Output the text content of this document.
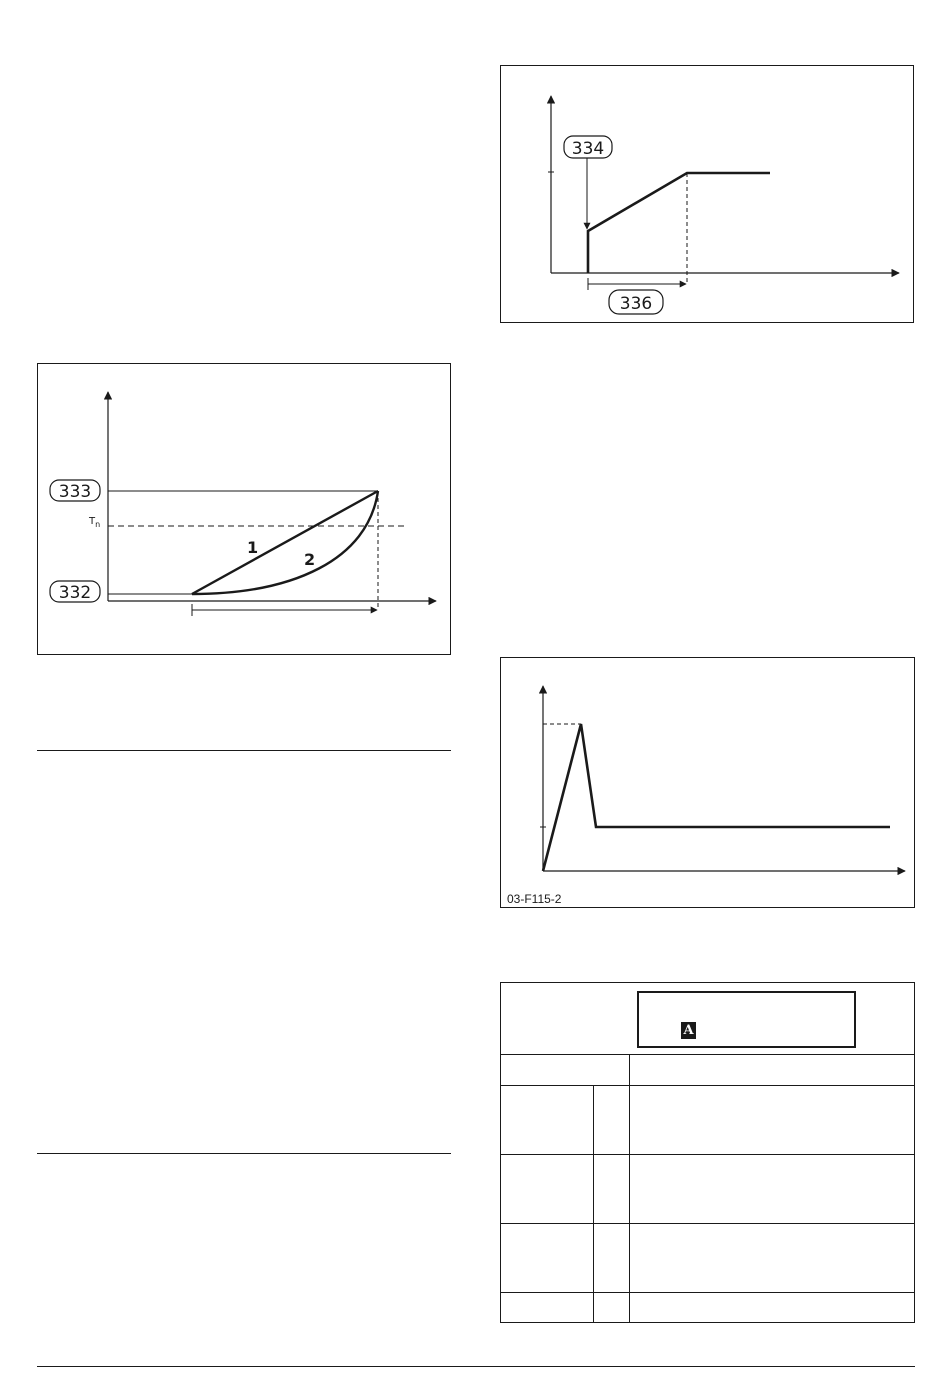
334
336
333
332
$T_n$
1
2
03-F115-2
A
